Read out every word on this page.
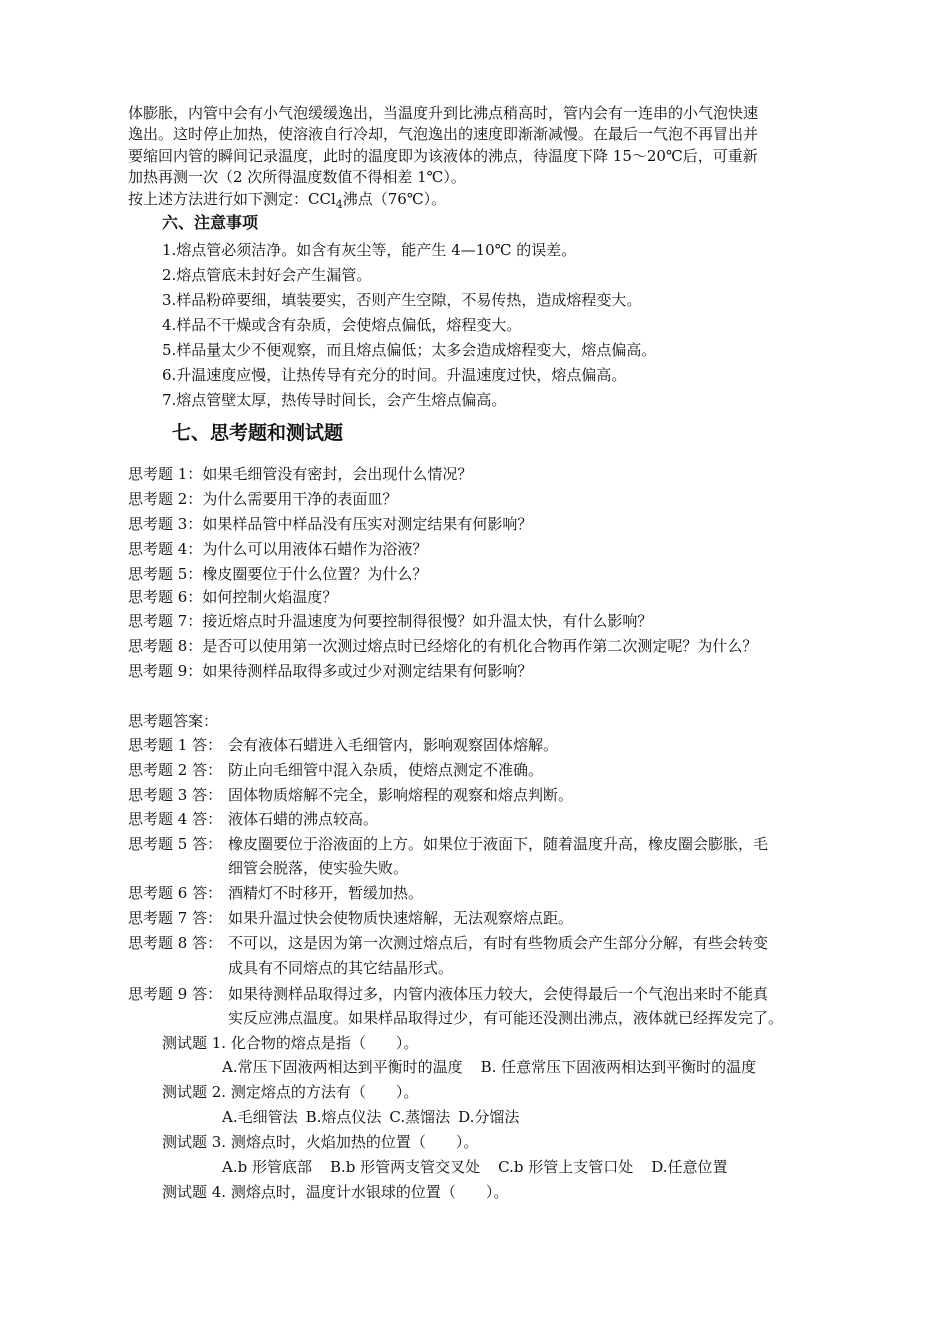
体膨胀，内管中会有小气泡缓缓逸出，当温度升到比沸点稍高时，管内会有一连串的小气泡快速
逸出。这时停止加热，使溶液自行冷却，气泡逸出的速度即渐渐减慢。在最后一气泡不再冒出并
要缩回内管的瞬间记录温度，此时的温度即为该液体的沸点，待温度下降 15～20℃后，可重新
加热再测一次（2 次所得温度数值不得相差 1℃）。
按上述方法进行如下测定：CCl$_4$沸点（76℃）。
六、注意事项
1.熔点管必须洁净。如含有灰尘等，能产生 4—10℃ 的误差。
2.熔点管底未封好会产生漏管。
3.样品粉碎要细，填装要实，否则产生空隙，不易传热，造成熔程变大。
4.样品不干燥或含有杂质，会使熔点偏低，熔程变大。
5.样品量太少不便观察，而且熔点偏低；太多会造成熔程变大，熔点偏高。
6.升温速度应慢，让热传导有充分的时间。升温速度过快，熔点偏高。
7.熔点管壁太厚，热传导时间长，会产生熔点偏高。
七、思考题和测试题
思考题 1：如果毛细管没有密封，会出现什么情况？
思考题 2：为什么需要用干净的表面皿？
思考题 3：如果样品管中样品没有压实对测定结果有何影响？
思考题 4：为什么可以用液体石蜡作为浴液？
思考题 5：橡皮圈要位于什么位置？为什么？
思考题 6：如何控制火焰温度？
思考题 7：接近熔点时升温速度为何要控制得很慢？如升温太快，有什么影响？
思考题 8：是否可以使用第一次测过熔点时已经熔化的有机化合物再作第二次测定呢？为什么？
思考题 9：如果待测样品取得多或过少对测定结果有何影响？
思考题答案：
思考题 1 答： 会有液体石蜡进入毛细管内，影响观察固体熔解。
思考题 2 答： 防止向毛细管中混入杂质，使熔点测定不准确。
思考题 3 答： 固体物质熔解不完全，影响熔程的观察和熔点判断。
思考题 4 答： 液体石蜡的沸点较高。
思考题 5 答： 橡皮圈要位于浴液面的上方。如果位于液面下，随着温度升高，橡皮圈会膨胀，毛
细管会脱落，使实验失败。
思考题 6 答： 酒精灯不时移开，暂缓加热。
思考题 7 答： 如果升温过快会使物质快速熔解，无法观察熔点距。
思考题 8 答： 不可以，这是因为第一次测过熔点后，有时有些物质会产生部分分解，有些会转变
成具有不同熔点的其它结晶形式。
思考题 9 答： 如果待测样品取得过多，内管内液体压力较大，会使得最后一个气泡出来时不能真
实反应沸点温度。如果样品取得过少，有可能还没测出沸点，液体就已经挥发完了。
测试题 1. 化合物的熔点是指（　　）。
A.常压下固液两相达到平衡时的温度 B. 任意常压下固液两相达到平衡时的温度
测试题 2. 测定熔点的方法有（　　）。
A.毛细管法 B.熔点仪法 C.蒸馏法 D.分馏法
测试题 3. 测熔点时，火焰加热的位置（　　）。
A.b 形管底部 B.b 形管两支管交叉处 C.b 形管上支管口处 D.任意位置
测试题 4. 测熔点时，温度计水银球的位置（　　）。
